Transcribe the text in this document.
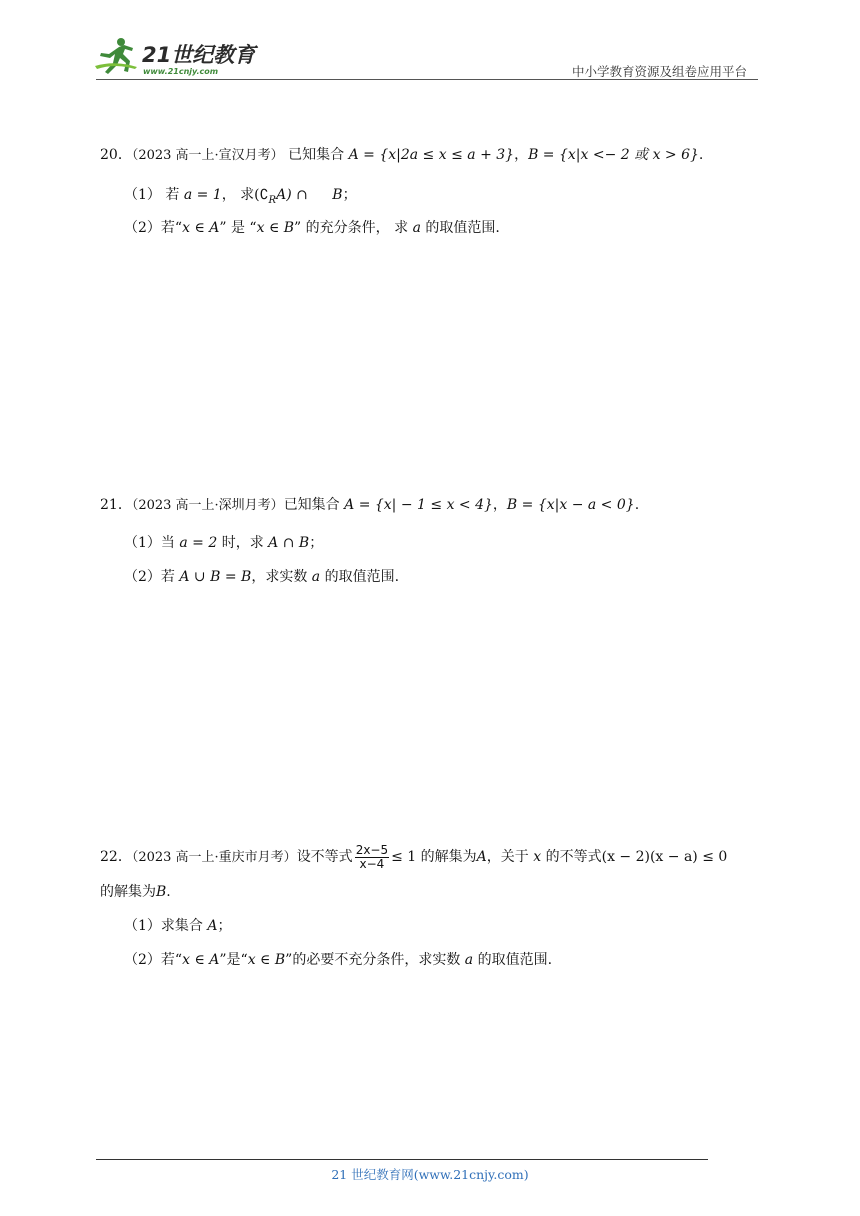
21世纪教育
www.21cnjy.com	中小学教育资源及组卷应用平台
20．（2023 高一上·宣汉月考） 已知集合 A = {x|2a ≤ x ≤ a + 3}，B = {x|x <− 2 或 x > 6}.
（1） 若 a = 1， 求$(∁_RA)$ ∩ B；
（2）若“x ∈ A” 是 “x ∈ B” 的充分条件， 求 a 的取值范围.
21．（2023 高一上·深圳月考）已知集合 A = {x| − 1 ≤ x < 4}，B = {x|x − a < 0}.
（1）当 a = 2 时，求 A ∩ B；
（2）若 A ∪ B = B，求实数 a 的取值范围.
22．（2023 高一上·重庆市月考）设不等式 $\frac{2x-5}{x-4} \le 1$ 的解集为A，关于 x 的不等式(x − 2)(x − a) ≤ 0
的解集为B.
（1）求集合 A；
（2）若“x ∈ A”是“x ∈ B”的必要不充分条件，求实数 a 的取值范围.
21 世纪教育网(www.21cnjy.com)
